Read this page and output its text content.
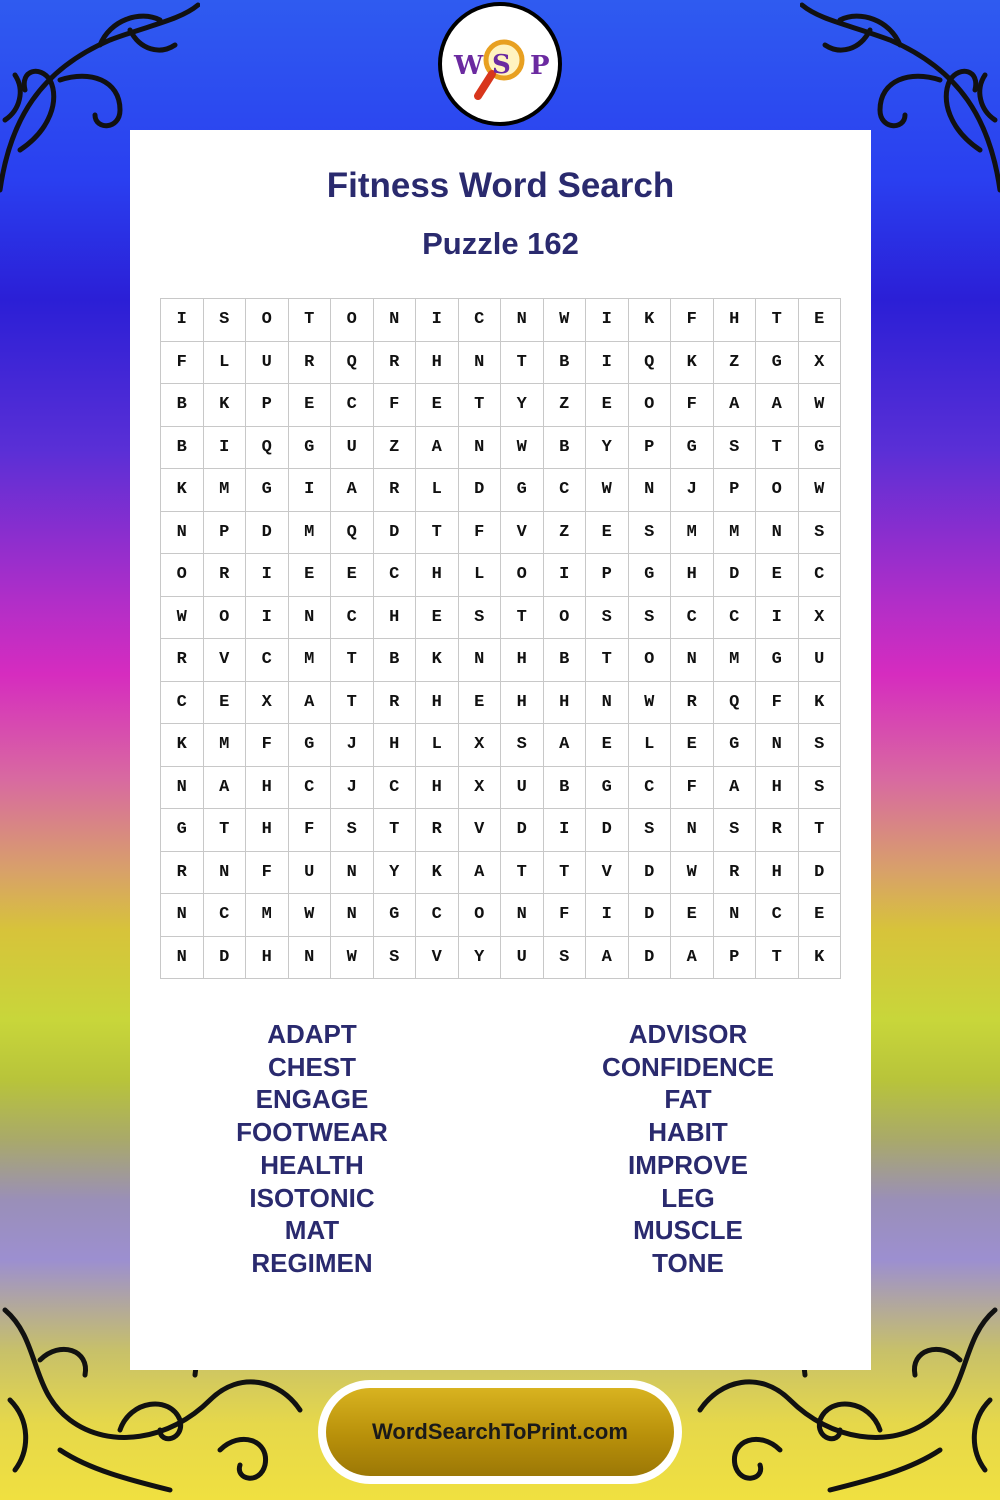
W S P
Fitness Word Search
Puzzle 162
I	S	O	T	O	N	I	C	N	W	I	K	F	H	T	E
F	L	U	R	Q	R	H	N	T	B	I	Q	K	Z	G	X
B	K	P	E	C	F	E	T	Y	Z	E	O	F	A	A	W
B	I	Q	G	U	Z	A	N	W	B	Y	P	G	S	T	G
K	M	G	I	A	R	L	D	G	C	W	N	J	P	O	W
N	P	D	M	Q	D	T	F	V	Z	E	S	M	M	N	S
O	R	I	E	E	C	H	L	O	I	P	G	H	D	E	C
W	O	I	N	C	H	E	S	T	O	S	S	C	C	I	X
R	V	C	M	T	B	K	N	H	B	T	O	N	M	G	U
C	E	X	A	T	R	H	E	H	H	N	W	R	Q	F	K
K	M	F	G	J	H	L	X	S	A	E	L	E	G	N	S
N	A	H	C	J	C	H	X	U	B	G	C	F	A	H	S
G	T	H	F	S	T	R	V	D	I	D	S	N	S	R	T
R	N	F	U	N	Y	K	A	T	T	V	D	W	R	H	D
N	C	M	W	N	G	C	O	N	F	I	D	E	N	C	E
N	D	H	N	W	S	V	Y	U	S	A	D	A	P	T	K
ADAPT
CHEST
ENGAGE
FOOTWEAR
HEALTH
ISOTONIC
MAT
REGIMEN
ADVISOR
CONFIDENCE
FAT
HABIT
IMPROVE
LEG
MUSCLE
TONE
WordSearchToPrint.com
